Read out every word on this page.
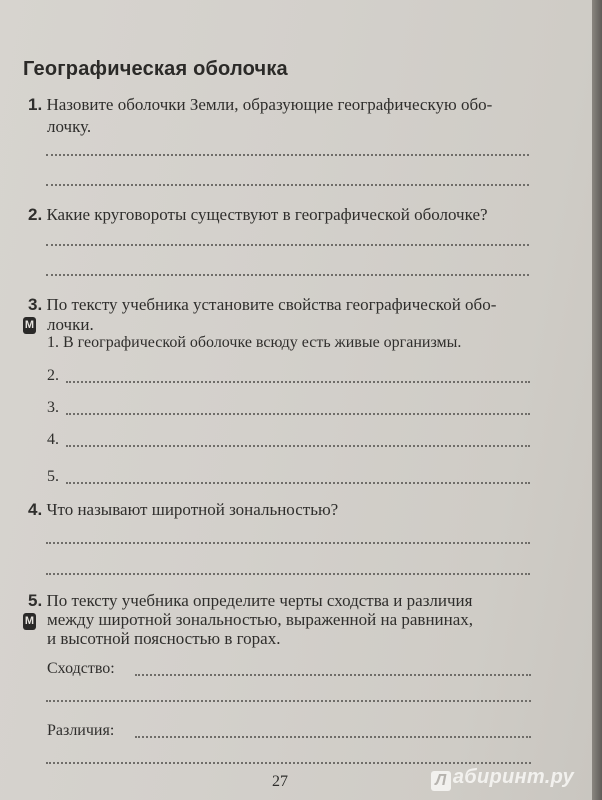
Географическая оболочка
1. Назовите оболочки Земли, образующие географическую обо-
лочку.
2. Какие круговороты существуют в географической оболочке?
3. По тексту учебника установите свойства географической обо-
М лочки.
1. В географической оболочке всюду есть живые организмы.
2.
3.
4.
5.
4. Что называют широтной зональностью?
5. По тексту учебника определите черты сходства и различия
М между широтной зональностью, выраженной на равнинах,
и высотной поясностью в горах.
Сходство:
Различия:
27	Л абиринт.ру
